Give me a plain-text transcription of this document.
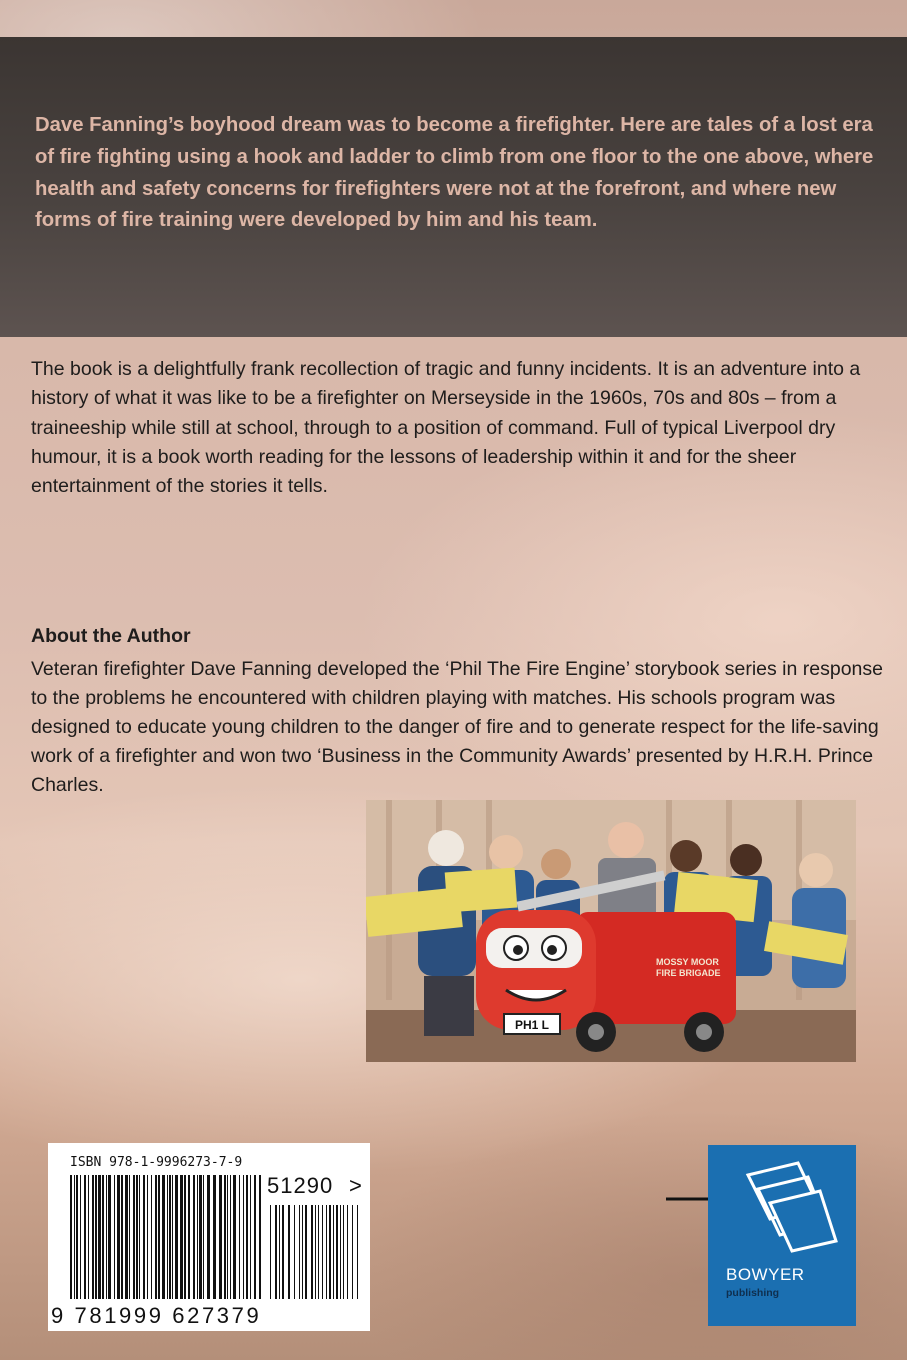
Dave Fanning’s boyhood dream was to become a firefighter. Here are tales of a lost era of fire fighting using a hook and ladder to climb from one floor to the one above, where health and safety concerns for firefighters were not at the forefront, and where new forms of fire training were developed by him and his team.

The book is a delightfully frank recollection of tragic and funny incidents. It is an adventure into a history of what it was like to be a firefighter on Merseyside in the 1960s, 70s and 80s – from a traineeship while still at school, through to a position of command. Full of typical Liverpool dry humour, it is a book worth reading for the lessons of leadership within it and for the sheer entertainment of the stories it tells.

About the Author

Veteran firefighter Dave Fanning developed the ‘Phil The Fire Engine’ storybook series in response to the problems he encountered with children playing with matches. His schools program was designed to educate young children to the danger of fire and to generate respect for the life-saving work of a firefighter and won two ‘Business in the Community Awards’ presented by H.R.H. Prince Charles.

PH1 L
MOSSY MOOR
FIRE BRIGADE

ISBN 978-1-9996273-7-9

51290 >

9 781999 627379

BOWYER

publishing
